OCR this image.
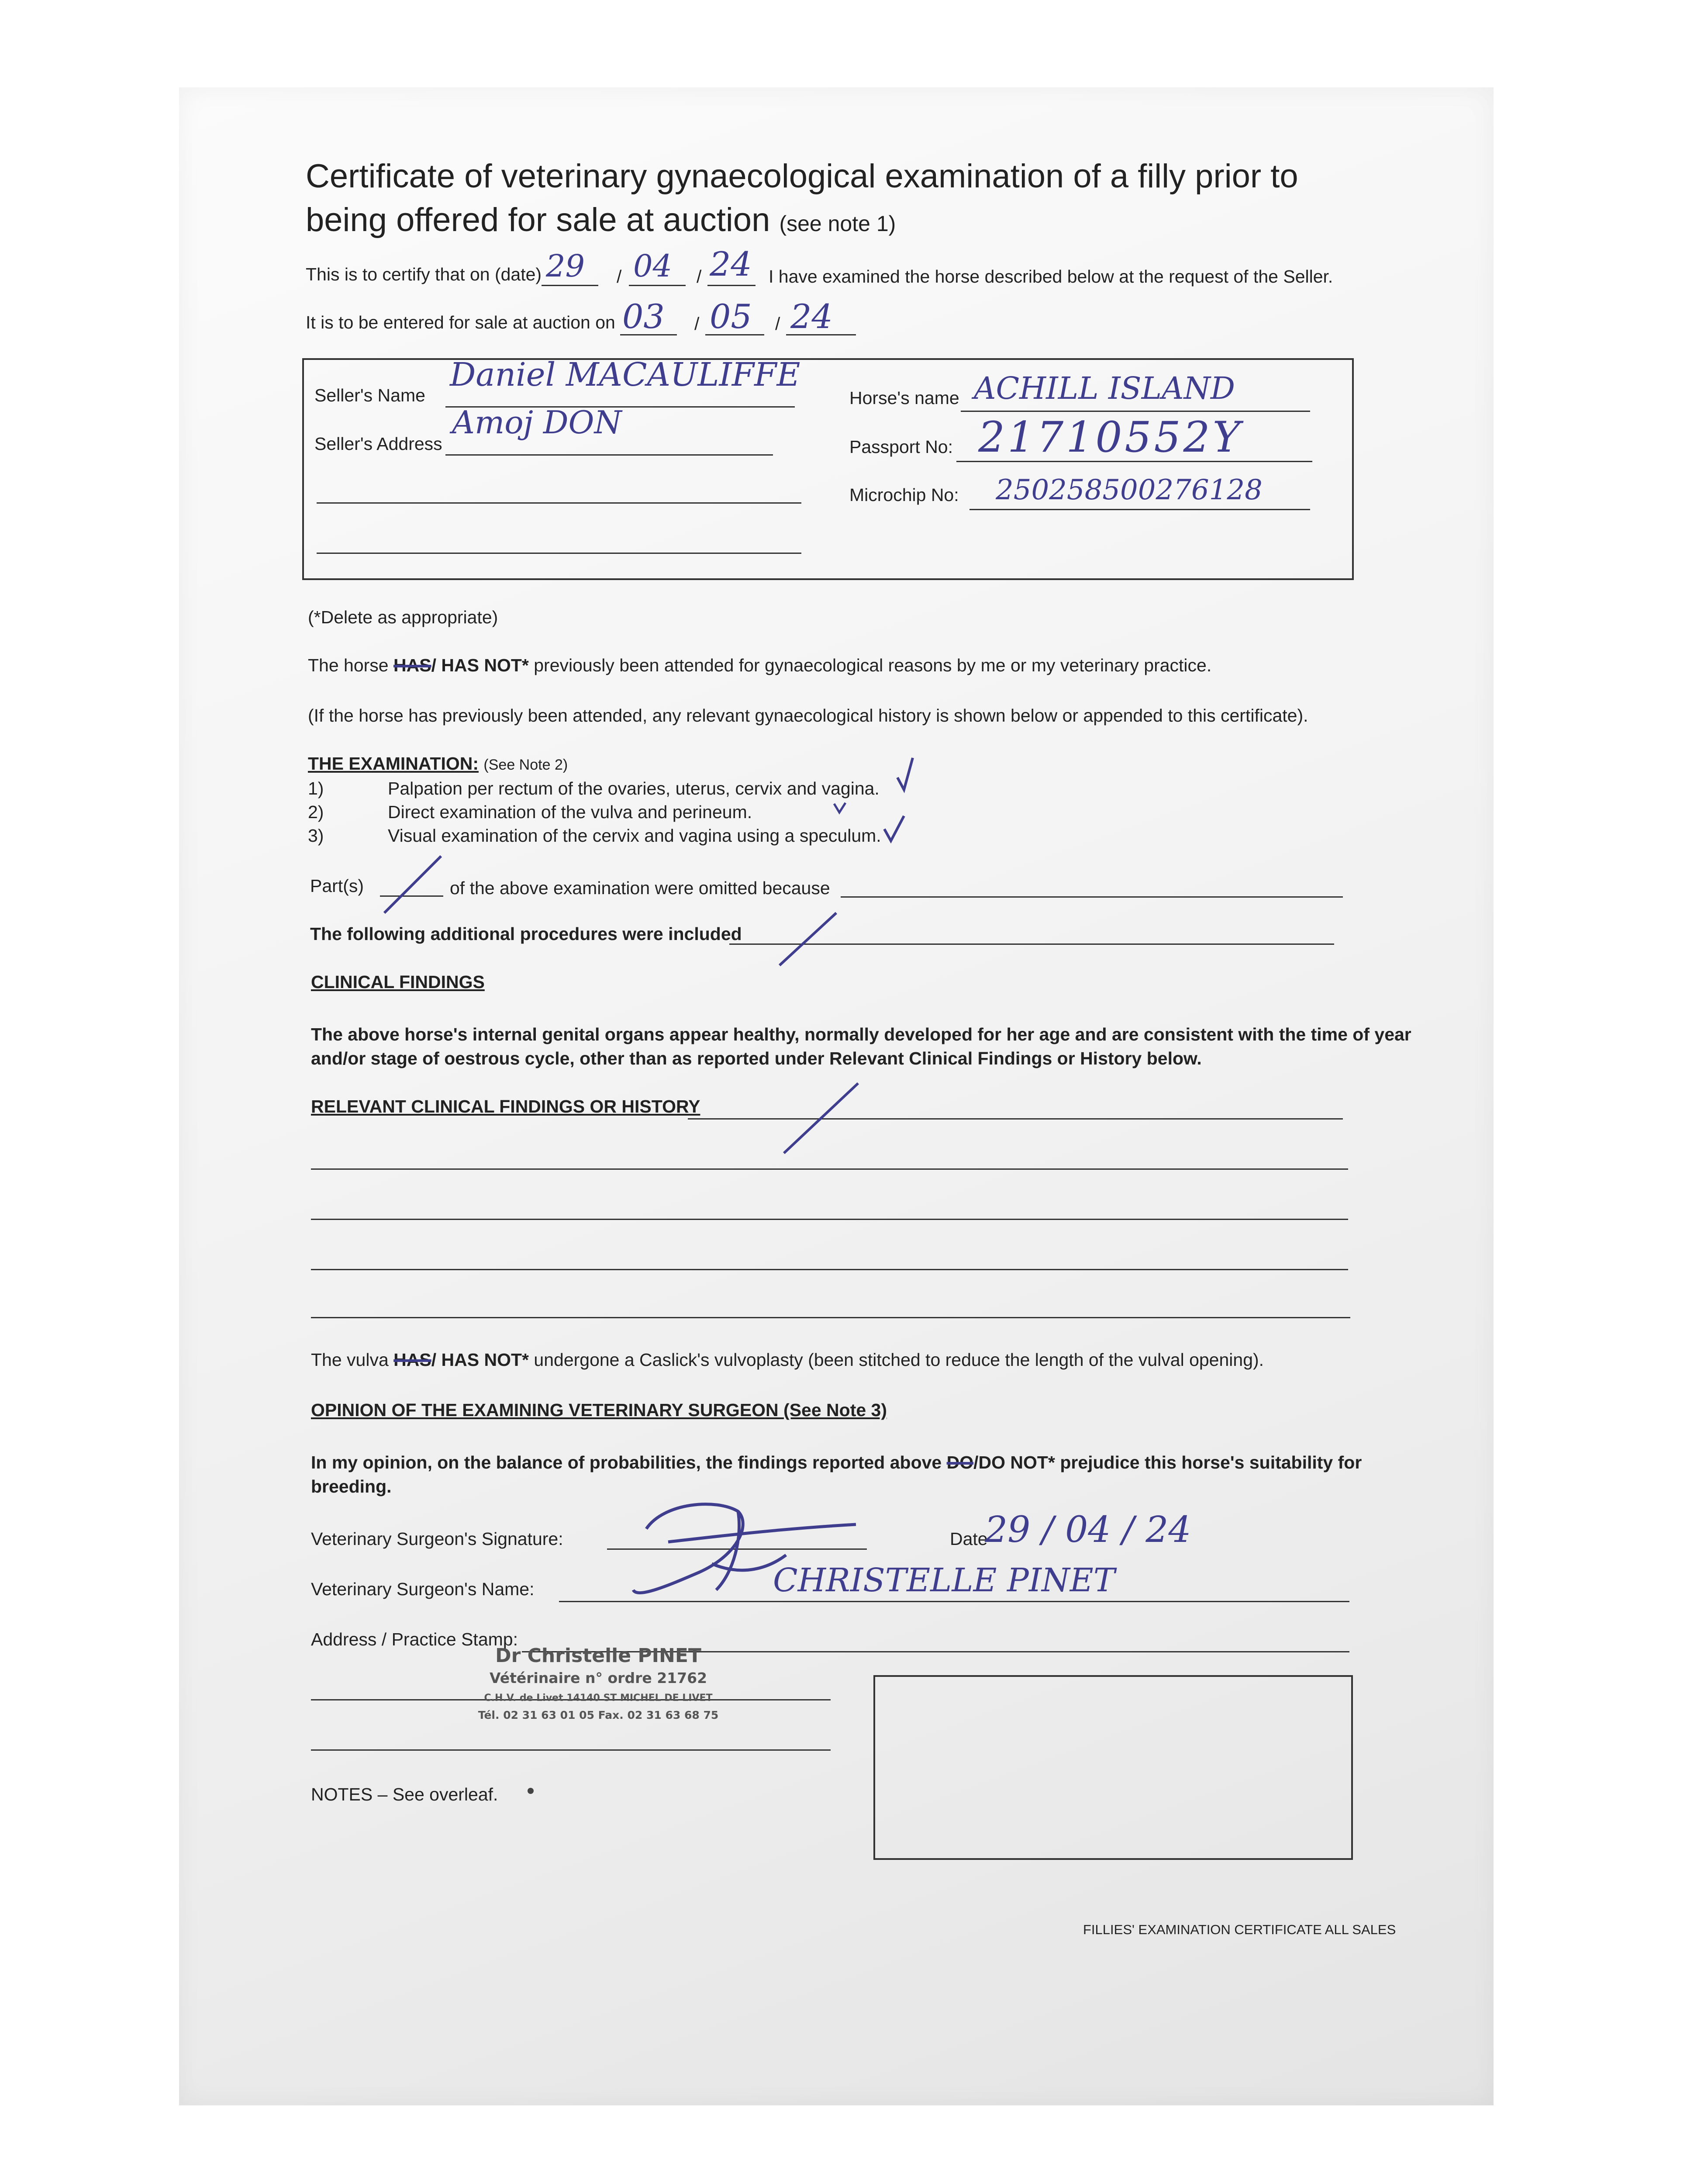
Certificate of veterinary gynaecological examination of a filly prior to
being offered for sale at auction (see note 1)
This is to certify that on (date) 29 / 04 / 24 I have examined the horse described below at the request of the Seller.
It is to be entered for sale at auction on 03 / 05 / 24
Seller's Name
Daniel MACAULIFFE
Seller's Address
Amoj DON
Horse's name ACHILL ISLAND
Passport No: 21710552Y
Microchip No: 250258500276128
(*Delete as appropriate)
The horse HAS/ HAS NOT* previously been attended for gynaecological reasons by me or my veterinary practice.
(If the horse has previously been attended, any relevant gynaecological history is shown below or appended to this certificate).
THE EXAMINATION: (See Note 2)
1)	Palpation per rectum of the ovaries, uterus, cervix and vagina.
2)	Direct examination of the vulva and perineum.
3)	Visual examination of the cervix and vagina using a speculum.
Part(s)	of the above examination were omitted because
The following additional procedures were included
CLINICAL FINDINGS
The above horse's internal genital organs appear healthy, normally developed for her age and are consistent with the time of year
and/or stage of oestrous cycle, other than as reported under Relevant Clinical Findings or History below.
RELEVANT CLINICAL FINDINGS OR HISTORY
The vulva HAS/ HAS NOT* undergone a Caslick's vulvoplasty (been stitched to reduce the length of the vulval opening).
OPINION OF THE EXAMINING VETERINARY SURGEON (See Note 3)
In my opinion, on the balance of probabilities, the findings reported above DO/DO NOT* prejudice this horse's suitability for
breeding.
Veterinary Surgeon's Signature:	Date
29 / 04 / 24
Veterinary Surgeon's Name:	CHRISTELLE PINET
Address / Practice Stamp:
Dr Christelle PINET
Vétérinaire n° ordre 21762
C.H.V. de Livet 14140 ST MICHEL DE LIVET
Tél. 02 31 63 01 05 Fax. 02 31 63 68 75
NOTES – See overleaf.
FILLIES' EXAMINATION CERTIFICATE ALL SALES
